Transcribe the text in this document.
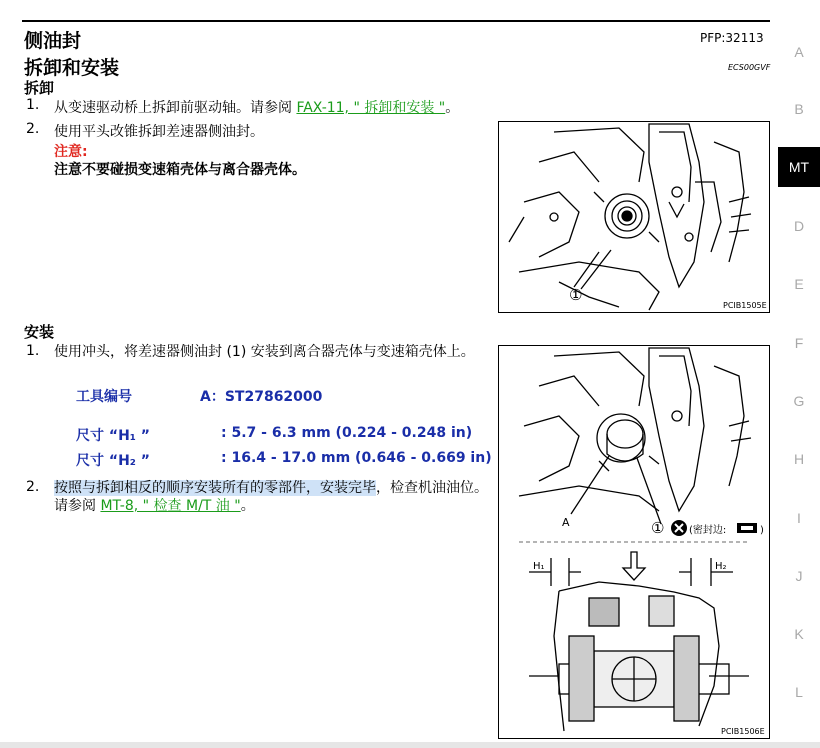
侧油封	PFP:32113
拆卸和安装	ECS00GVF
拆卸
1. 从变速驱动桥上拆卸前驱动轴。请参阅 FAX-11, " 拆卸和安装 "。
2. 使用平头改锥拆卸差速器侧油封。
注意:
注意不要碰损变速箱壳体与离合器壳体。
①
PCIB1505E
安装
1. 使用冲头，将差速器侧油封 (1) 安装到离合器壳体与变速箱壳体上。
工具编号	A：ST27862000
尺寸 “H₁ ”	: 5.7 - 6.3 mm (0.224 - 0.248 in)
尺寸 “H₂ ”	: 16.4 - 17.0 mm (0.646 - 0.669 in)
2. 按照与拆卸相反的顺序安装所有的零部件，安装完毕，检查机油油位。请参阅 MT-8, " 检查 M/T 油 "。
A	① (密封边:	)
H₁	H₂
PCIB1506E
A
B
MT
D
E
F
G
H
I
J
K
L
